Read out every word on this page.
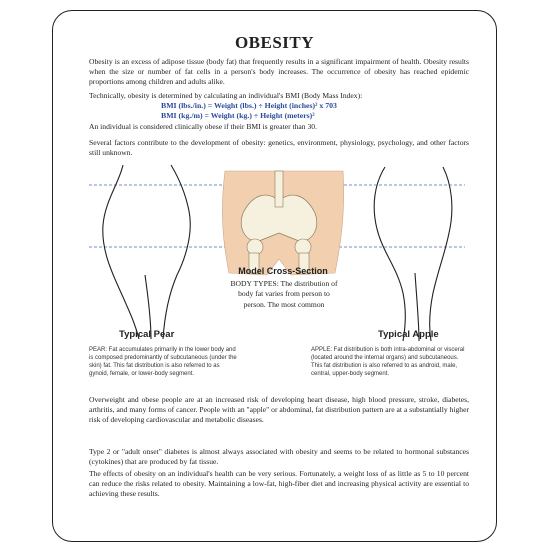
OBESITY
Obesity is an excess of adipose tissue (body fat) that frequently results in a significant impairment of health. Obesity results when the size or number of fat cells in a person's body increases. The occurrence of obesity has reached epidemic proportions among children and adults alike.
Technically, obesity is determined by calculating an individual's BMI (Body Mass Index):
BMI (lbs./in.) = Weight (lbs.) ÷ Height (inches)² x 703
BMI (kg./m) = Weight (kg.) ÷ Height (meters)²
An individual is considered clinically obese if their BMI is greater than 30.
Several factors contribute to the development of obesity: genetics, environment, physiology, psychology, and other factors still unknown.
Typical Pear	Typical Apple
Model Cross-Section
BODY TYPES: The distribution of body fat varies from person to person. The most common
PEAR: Fat accumulates primarily in the lower body and is composed predominantly of subcutaneous (under the skin) fat. This fat distribution is also referred to as gynoid, female, or lower-body segment.
APPLE: Fat distribution is both intra-abdominal or visceral (located around the internal organs) and subcutaneous. This fat distribution is also referred to as android, male, central, upper-body segment.
Overweight and obese people are at an increased risk of developing heart disease, high blood pressure, stroke, diabetes, arthritis, and many forms of cancer. People with an "apple" or abdominal, fat distribution pattern are at a substantially higher risk of developing cardiovascular and metabolic diseases.
Type 2 or "adult onset" diabetes is almost always associated with obesity and seems to be related to hormonal substances (cytokines) that are produced by fat tissue.
The effects of obesity on an individual's health can be very serious. Fortunately, a weight loss of as little as 5 to 10 percent can reduce the risks related to obesity. Maintaining a low-fat, high-fiber diet and increasing physical activity are essential to achieving these results.
